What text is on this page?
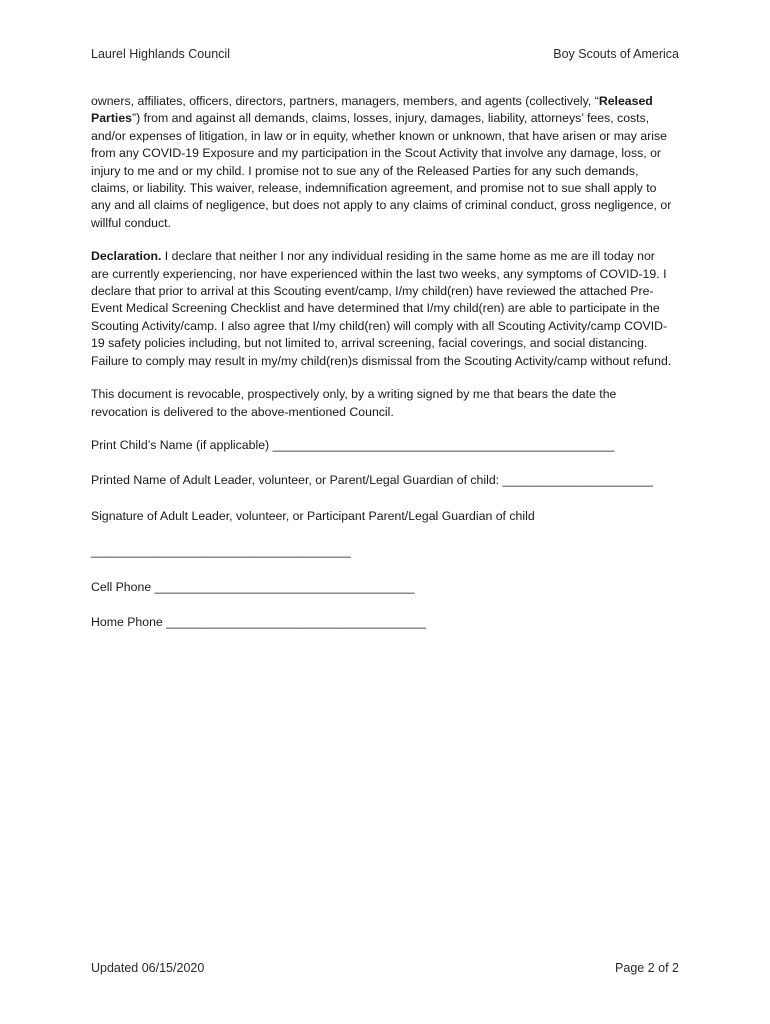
Laurel Highlands Council	Boy Scouts of America

owners, affiliates, officers, directors, partners, managers, members, and agents (collectively, “Released Parties”) from and against all demands, claims, losses, injury, damages, liability, attorneys’ fees, costs, and/or expenses of litigation, in law or in equity, whether known or unknown, that have arisen or may arise from any COVID-19 Exposure and my participation in the Scout Activity that involve any damage, loss, or injury to me and or my child. I promise not to sue any of the Released Parties for any such demands, claims, or liability. This waiver, release, indemnification agreement, and promise not to sue shall apply to any and all claims of negligence, but does not apply to any claims of criminal conduct, gross negligence, or willful conduct.

Declaration. I declare that neither I nor any individual residing in the same home as me are ill today nor are currently experiencing, nor have experienced within the last two weeks, any symptoms of COVID-19. I declare that prior to arrival at this Scouting event/camp, I/my child(ren) have reviewed the attached Pre-Event Medical Screening Checklist and have determined that I/my child(ren) are able to participate in the Scouting Activity/camp. I also agree that I/my child(ren) will comply with all Scouting Activity/camp COVID-19 safety policies including, but not limited to, arrival screening, facial coverings, and social distancing. Failure to comply may result in my/my child(ren)s dismissal from the Scouting Activity/camp without refund.

This document is revocable, prospectively only, by a writing signed by me that bears the date the revocation is delivered to the above-mentioned Council.

Print Child’s Name (if applicable) __________________________________________________

Printed Name of Adult Leader, volunteer, or Parent/Legal Guardian of child: ______________________

Signature of Adult Leader, volunteer, or Participant Parent/Legal Guardian of child

______________________________________

Cell Phone ______________________________________

Home Phone ______________________________________

Updated 06/15/2020	Page 2 of 2
